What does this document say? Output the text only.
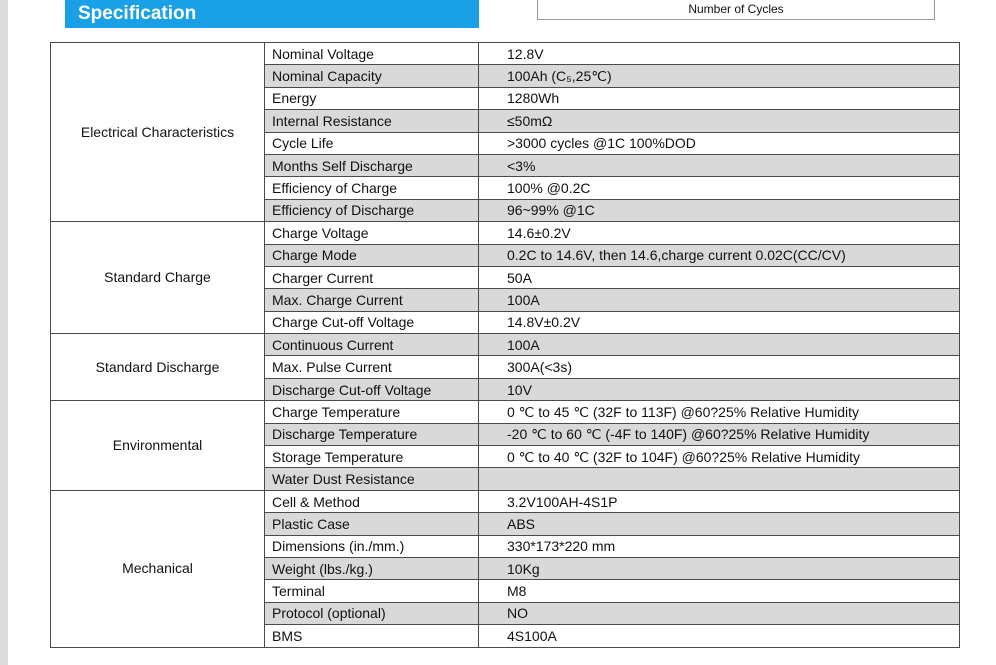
Specification	Number of Cycles
Electrical Characteristics	Nominal Voltage	12.8V
	Nominal Capacity	100Ah (C₅,25℃)
	Energy	1280Wh
	Internal Resistance	≤50mΩ
	Cycle Life	>3000 cycles @1C 100%DOD
	Months Self Discharge	<3%
	Efficiency of Charge	100% @0.2C
	Efficiency of Discharge	96~99% @1C
Standard Charge	Charge Voltage	14.6±0.2V
	Charge Mode	0.2C to 14.6V, then 14.6,charge current 0.02C(CC/CV)
	Charger Current	50A
	Max. Charge Current	100A
	Charge Cut-off Voltage	14.8V±0.2V
Standard Discharge	Continuous Current	100A
	Max. Pulse Current	300A(<3s)
	Discharge Cut-off Voltage	10V
Environmental	Charge Temperature	0 ℃ to 45 ℃ (32F to 113F) @60?25% Relative Humidity
	Discharge Temperature	-20 ℃ to 60 ℃ (-4F to 140F) @60?25% Relative Humidity
	Storage Temperature	0 ℃ to 40 ℃ (32F to 104F) @60?25% Relative Humidity
	Water Dust Resistance	
Mechanical	Cell & Method	3.2V100AH-4S1P
	Plastic Case	ABS
	Dimensions (in./mm.)	330*173*220 mm
	Weight (lbs./kg.)	10Kg
	Terminal	M8
	Protocol (optional)	NO
	BMS	4S100A
